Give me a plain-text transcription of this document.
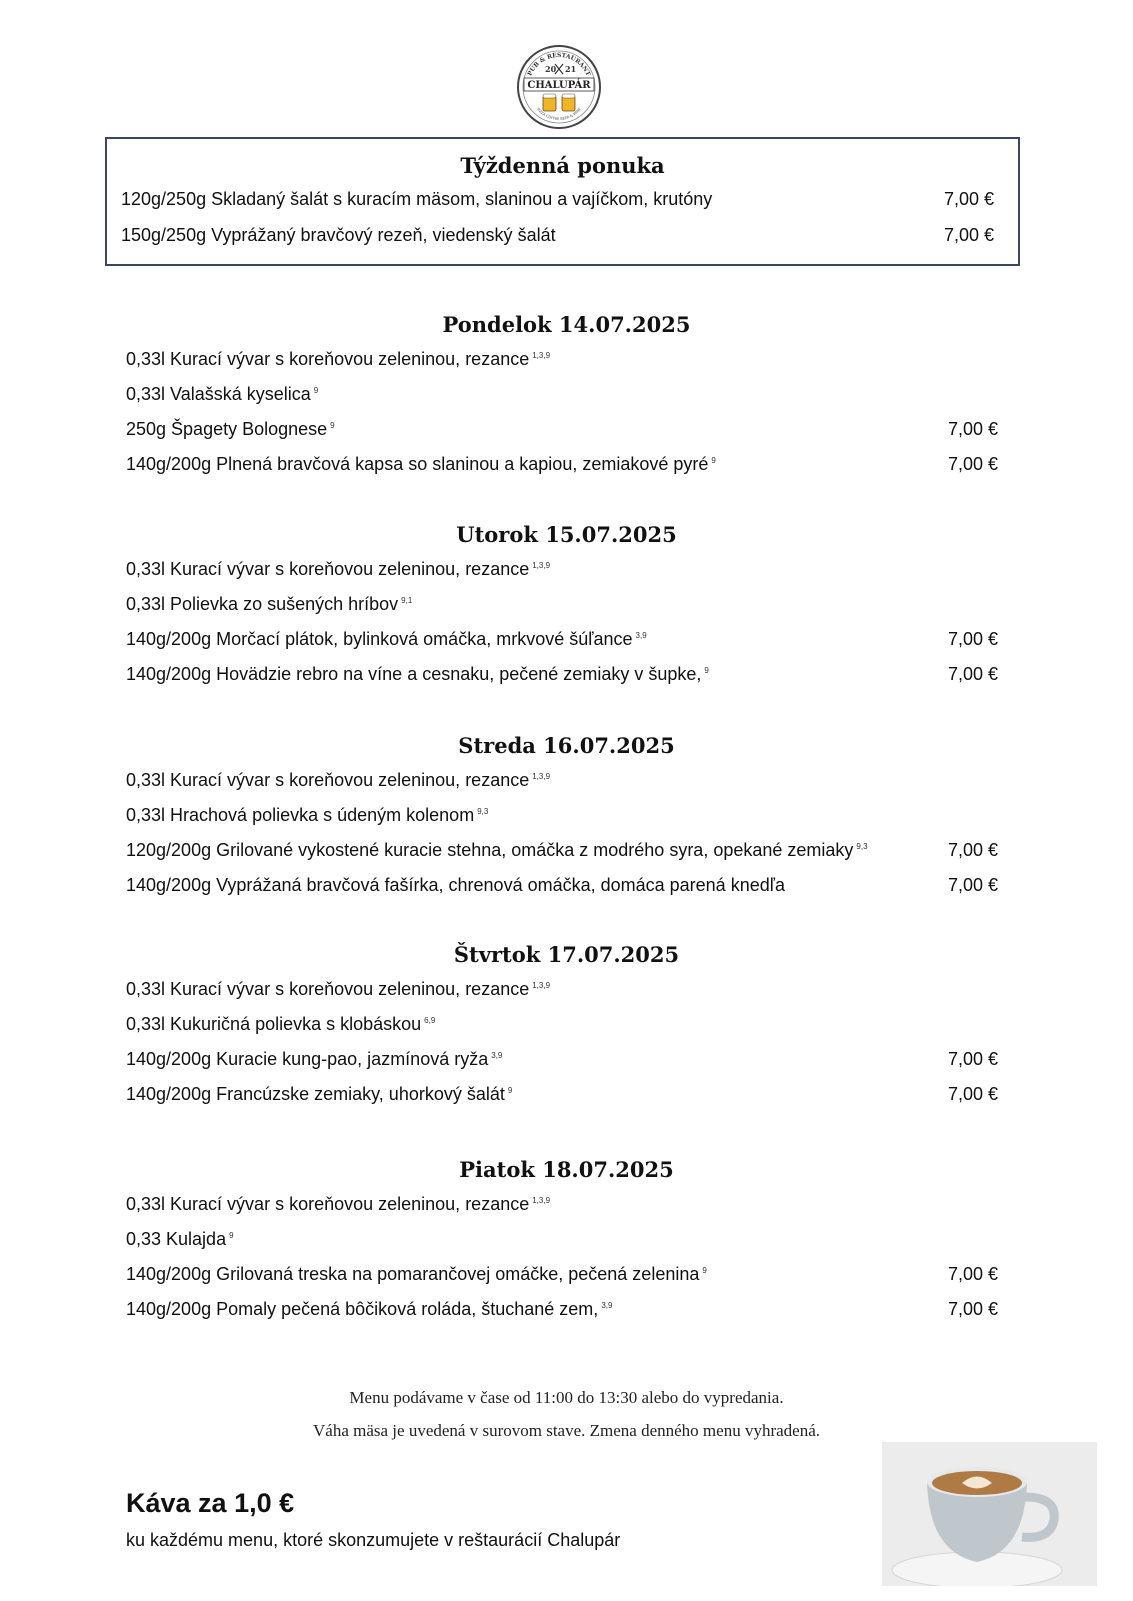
PUB & RESTAURANT
20 21
CHALUPÁR
PIZZA COFFEE BEER & WINE
Týždenná ponuka
120g/250g Skladaný šalát s kuracím mäsom, slaninou a vajíčkom, krutóny	7,00 €
150g/250g Vyprážaný bravčový rezeň, viedenský šalát	7,00 €
Pondelok 14.07.2025
0,33l Kurací vývar s koreňovou zeleninou, rezance $^{1,3,9}$
0,33l Valašská kyselica $^9$
250g Špagety Bolognese $^9$	7,00 €
140g/200g Plnená bravčová kapsa so slaninou a kapiou, zemiakové pyré $^9$	7,00 €
Utorok 15.07.2025
0,33l Kurací vývar s koreňovou zeleninou, rezance $^{1,3,9}$
0,33l Polievka zo sušených hríbov $^{9,1}$
140g/200g Morčací plátok, bylinková omáčka, mrkvové šúľance $^{3,9}$	7,00 €
140g/200g Hovädzie rebro na víne a cesnaku, pečené zemiaky v šupke, $^9$	7,00 €
Streda 16.07.2025
0,33l Kurací vývar s koreňovou zeleninou, rezance $^{1,3,9}$
0,33l Hrachová polievka s údeným kolenom $^{9,3}$
120g/200g Grilované vykostené kuracie stehna, omáčka z modrého syra, opekané zemiaky $^{9,3}$	7,00 €
140g/200g Vyprážaná bravčová fašírka, chrenová omáčka, domáca parená knedľa	7,00 €
Štvrtok 17.07.2025
0,33l Kurací vývar s koreňovou zeleninou, rezance $^{1,3,9}$
0,33l Kukuričná polievka s klobáskou $^{6,9}$
140g/200g Kuracie kung-pao, jazmínová ryža $^{3,9}$	7,00 €
140g/200g Francúzske zemiaky, uhorkový šalát $^9$	7,00 €
Piatok 18.07.2025
0,33l Kurací vývar s koreňovou zeleninou, rezance $^{1,3,9}$
0,33 Kulajda $^9$
140g/200g Grilovaná treska na pomarančovej omáčke, pečená zelenina $^9$	7,00 €
140g/200g Pomaly pečená bôčiková roláda, štuchané zem, $^{3,9}$	7,00 €
Menu podávame v čase od 11:00 do 13:30 alebo do vypredania.
Váha mäsa je uvedená v surovom stave. Zmena denného menu vyhradená.
Káva za 1,0 €
ku každému menu, ktoré skonzumujete v reštaurácií Chalupár
